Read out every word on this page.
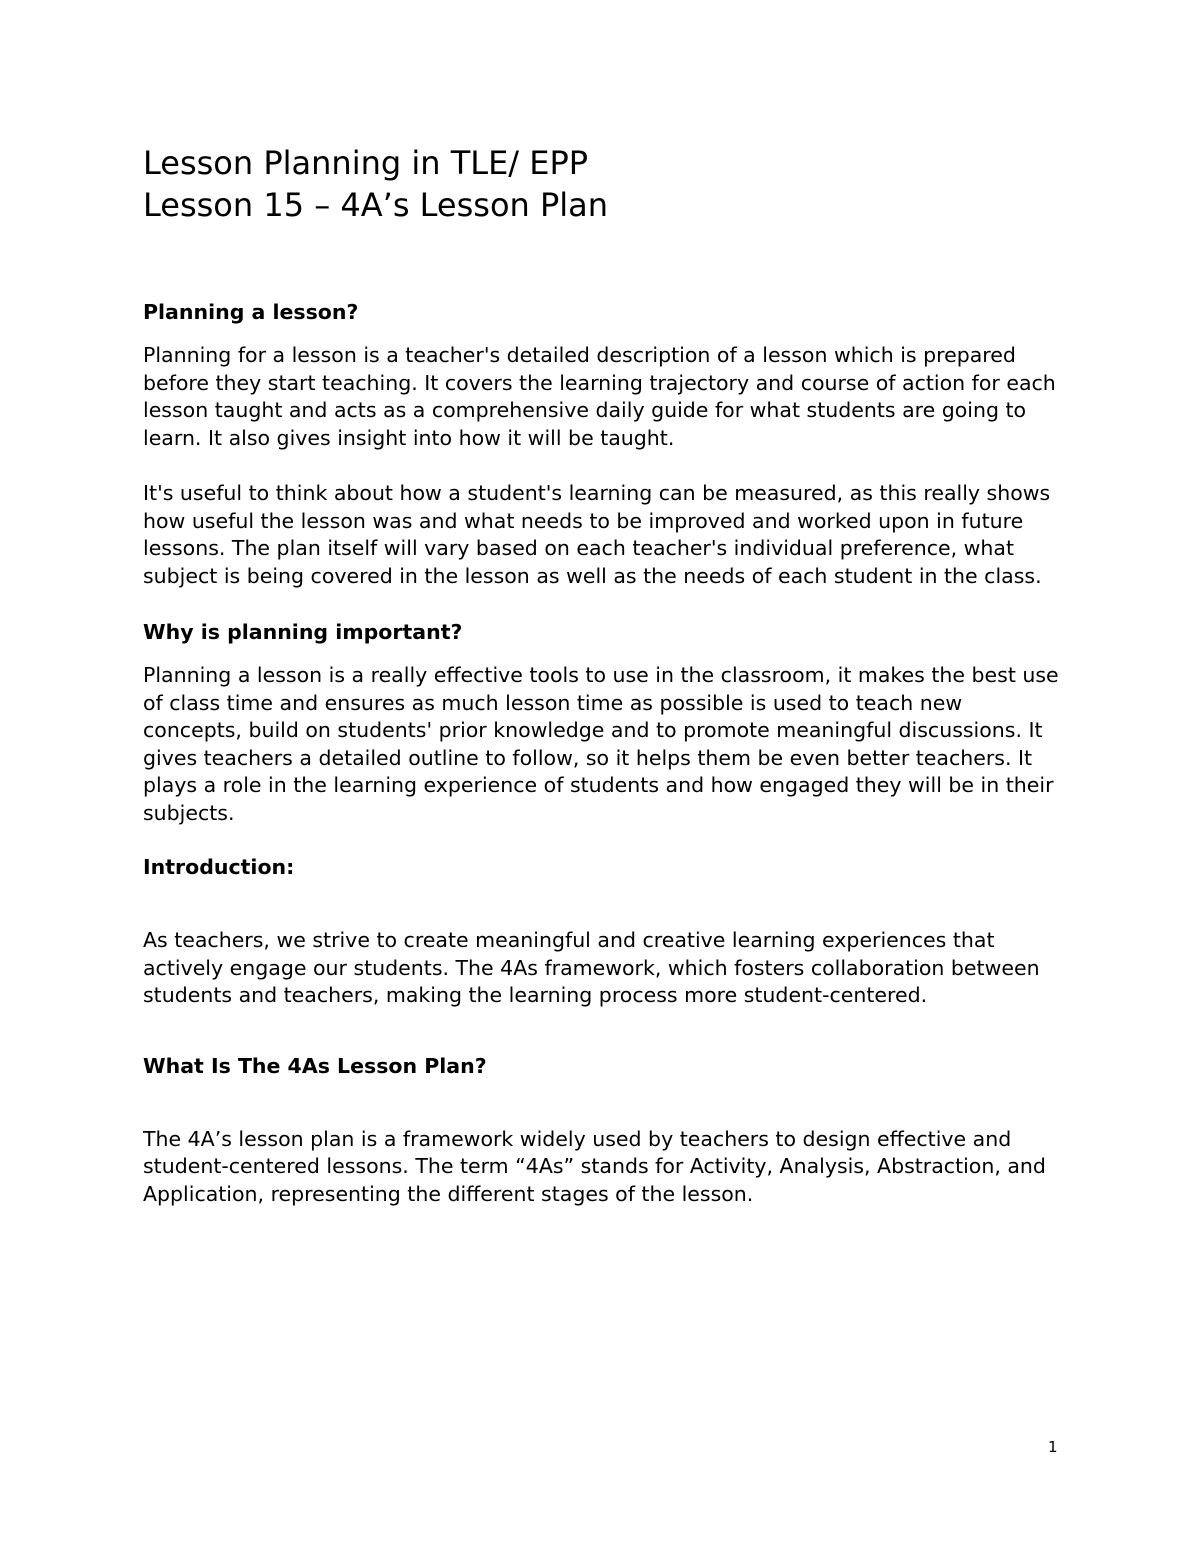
Lesson Planning in TLE/ EPP

Lesson 15 – 4A’s Lesson Plan

Planning a lesson?

Planning for a lesson is a teacher's detailed description of a lesson which is prepared before they start teaching. It covers the learning trajectory and course of action for each lesson taught and acts as a comprehensive daily guide for what students are going to learn. It also gives insight into how it will be taught.

It's useful to think about how a student's learning can be measured, as this really shows how useful the lesson was and what needs to be improved and worked upon in future lessons. The plan itself will vary based on each teacher's individual preference, what subject is being covered in the lesson as well as the needs of each student in the class.

Why is planning important?

Planning a lesson is a really effective tools to use in the classroom, it makes the best use of class time and ensures as much lesson time as possible is used to teach new concepts, build on students' prior knowledge and to promote meaningful discussions. It gives teachers a detailed outline to follow, so it helps them be even better teachers. It plays a role in the learning experience of students and how engaged they will be in their subjects.

Introduction:

As teachers, we strive to create meaningful and creative learning experiences that actively engage our students. The 4As framework, which fosters collaboration between students and teachers, making the learning process more student-centered.

What Is The 4As Lesson Plan?

The 4A’s lesson plan is a framework widely used by teachers to design effective and student-centered lessons. The term “4As” stands for Activity, Analysis, Abstraction, and Application, representing the different stages of the lesson.

1
